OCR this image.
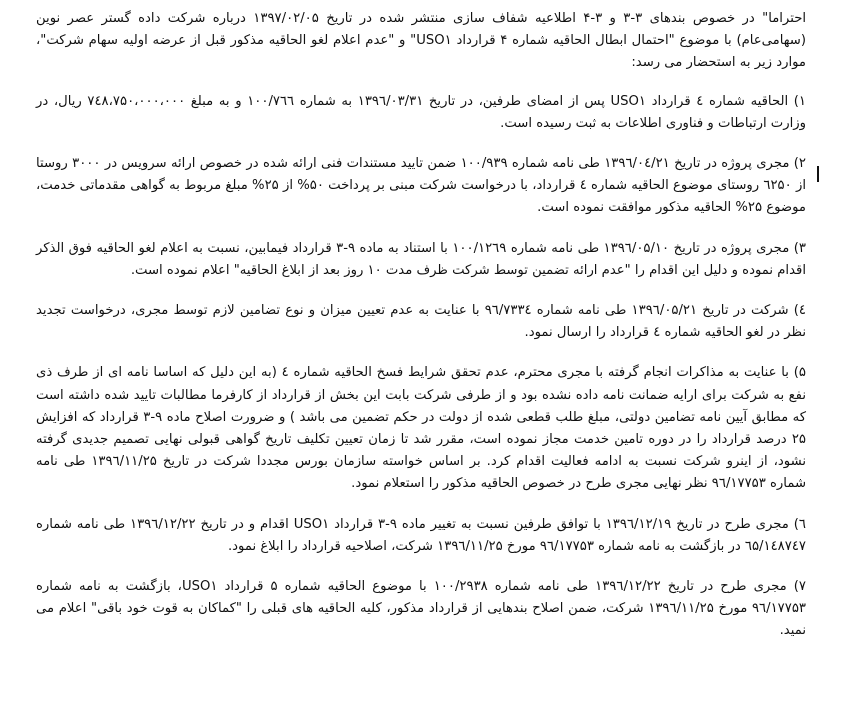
احتراما" در خصوص بندهای ۳-۳ و ۳-۴ اطلاعیه شفاف سازی منتشر شده در تاریخ ۱۳۹۷/۰۲/۰۵ درباره شرکت داده گستر عصر نوین (سهامی‌عام) با موضوع "احتمال ابطال الحاقیه شماره ۴ قرارداد USO۱" و "عدم اعلام لغو الحاقیه مذکور قبل از عرضه اولیه سهام شرکت"، موارد زیر به استحضار می رسد:

۱) الحاقیه شماره ٤ قرارداد USO۱ پس از امضای طرفین، در تاریخ ۱۳۹٦/۰۳/۳۱ به شماره ۱۰۰/۷٦٦ و به مبلغ ۷٤۸،۷۵۰،۰۰۰،۰۰۰ ریال، در وزارت ارتباطات و فناوری اطلاعات به ثبت رسیده است.

۲) مجری پروژه در تاریخ ۱۳۹٦/۰٤/۲۱ طی نامه شماره ۱۰۰/۹۳۹ ضمن تایید مستندات فنی ارائه شده در خصوص ارائه سرویس در ۳۰۰۰ روستا از ٦٢۵۰ روستای موضوع الحاقیه شماره ٤ قرارداد، با درخواست شرکت مبنی بر پرداخت ۵۰% از ۲۵% مبلغ مربوط به گواهی مقدماتی خدمت، موضوع ۲۵% الحاقیه مذکور موافقت نموده است.

۳) مجری پروژه در تاریخ ۱۳۹٦/۰۵/۱۰ طی نامه شماره ۱۰۰/۱۲٦۹ با استناد به ماده ۹-۳ قرارداد فیمابین، نسبت به اعلام لغو الحاقیه فوق الذکر اقدام نموده و دلیل این اقدام را "عدم ارائه تضمین توسط شرکت ظرف مدت ۱۰ روز بعد از ابلاغ الحاقیه" اعلام نموده است.

٤) شرکت در تاریخ ۱۳۹٦/۰۵/۲۱ طی نامه شماره ۹٦/۷۳۳٤ با عنایت به عدم تعیین میزان و نوع تضامین لازم توسط مجری، درخواست تجدید نظر در لغو الحاقیه شماره ٤ قرارداد را ارسال نمود.

۵) با عنایت به مذاکرات انجام گرفته با مجری محترم، عدم تحقق شرایط فسخ الحاقیه شماره ٤ (به این دلیل که اساسا نامه ای از طرف ذی نفع به شرکت برای ارایه ضمانت نامه داده نشده بود و از طرفی شرکت بابت این بخش از قرارداد از کارفرما مطالبات تایید شده داشته است که مطابق آیین نامه تضامین دولتی، مبلغ طلب قطعی شده از دولت در حکم تضمین می باشد ) و ضرورت اصلاح ماده ۹-۳ قرارداد که افزایش ۲۵ درصد قرارداد را در دوره تامین خدمت مجاز نموده است، مقرر شد تا زمان تعیین تکلیف تاریخ گواهی قبولی نهایی تصمیم جدیدی گرفته نشود، از اینرو شرکت نسبت به ادامه فعالیت اقدام کرد. بر اساس خواسته سازمان بورس مجددا شرکت در تاریخ ۱۳۹٦/۱۱/۲۵ طی نامه شماره ۹٦/۱۷۷۵۳ نظر نهایی مجری طرح در خصوص الحاقیه مذکور را استعلام نمود.

٦) مجری طرح در تاریخ ۱۳۹٦/۱۲/۱۹ با توافق طرفین نسبت به تغییر ماده ۹-۳ قرارداد USO۱ اقدام و در تاریخ ۱۳۹٦/۱۲/۲۲ طی نامه شماره ٦۵/۱٤۸۷٤۷ در بازگشت به نامه شماره ۹٦/۱۷۷۵۳ مورخ ۱۳۹٦/۱۱/۲۵ شرکت، اصلاحیه قرارداد را ابلاغ نمود.

۷) مجری طرح در تاریخ ۱۳۹٦/۱۲/۲۲ طی نامه شماره ۱۰۰/۲۹۳۸ با موضوع الحاقیه شماره ۵ قرارداد USO۱، بازگشت به نامه شماره ۹٦/۱۷۷۵۳ مورخ ۱۳۹٦/۱۱/۲۵ شرکت، ضمن اصلاح بندهایی از قرارداد مذکور، کلیه الحاقیه های قبلی را "کماکان به قوت خود باقی" اعلام می نمید.
